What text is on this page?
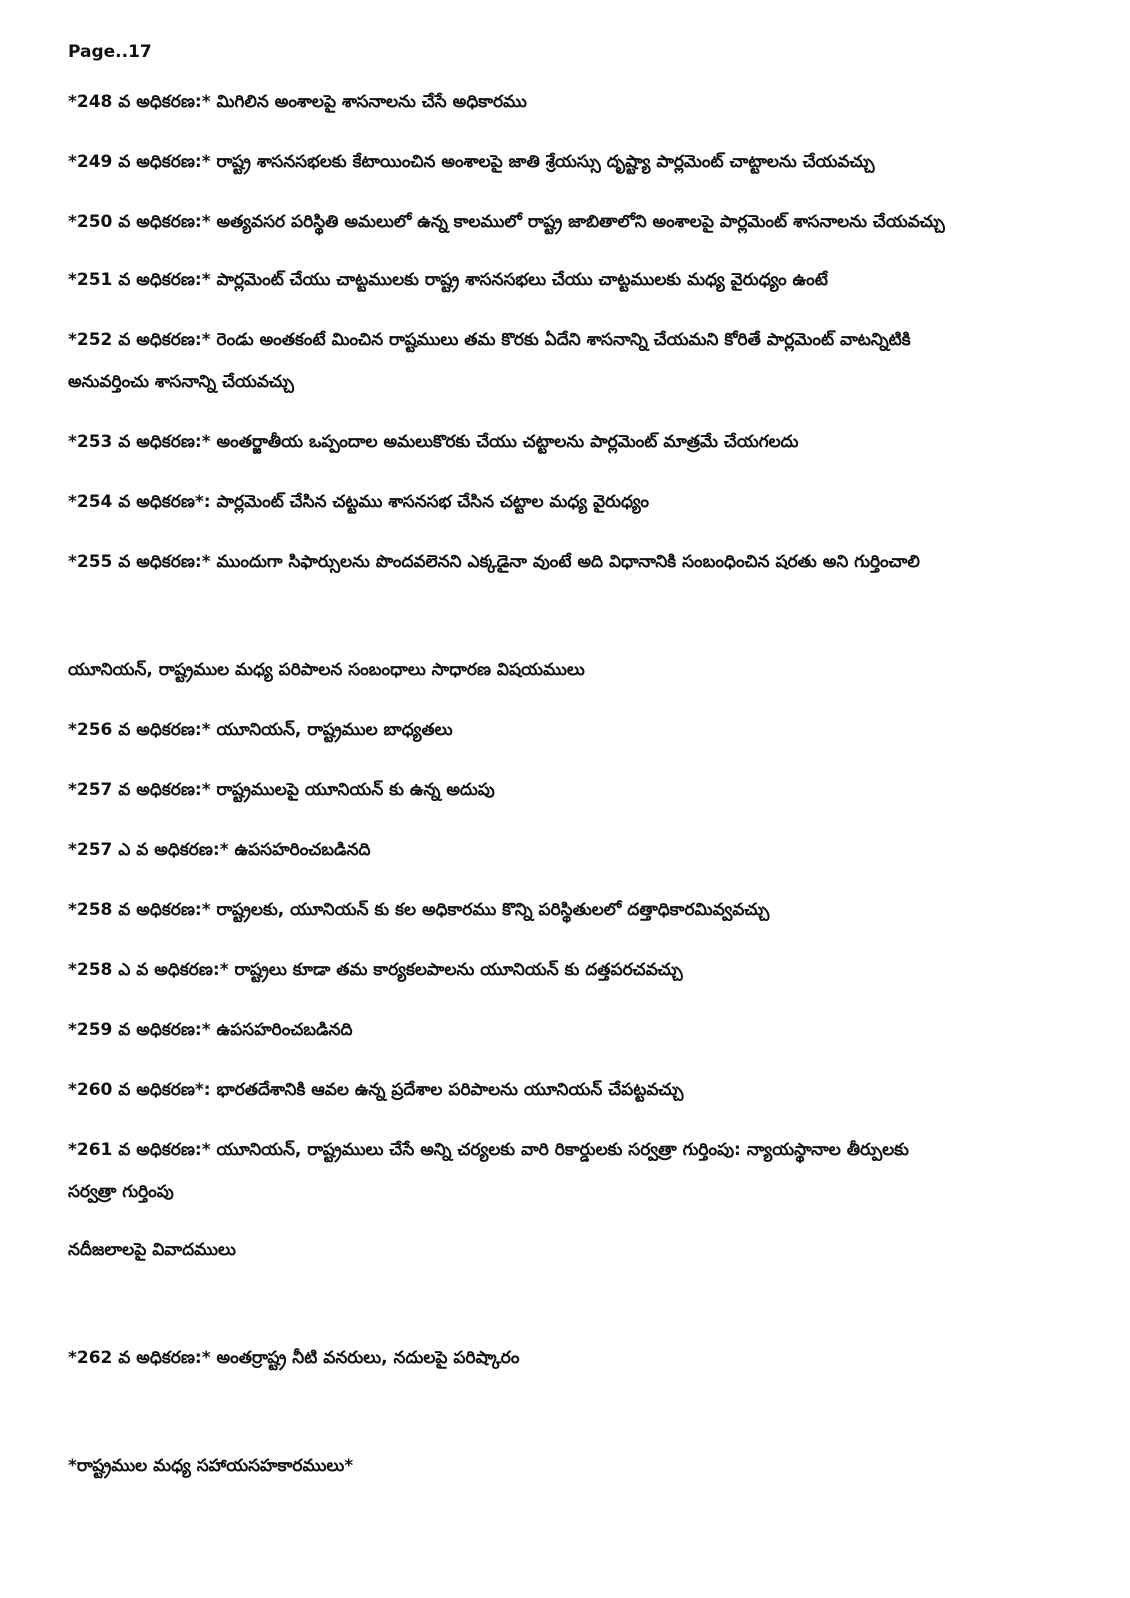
Page..17
*248 వ అధికరణ:* మిగిలిన అంశాలపై శాసనాలను చేసే అధికారము
*249 వ అధికరణ:* రాష్ట్ర శాసనసభలకు కేటాయించిన అంశాలపై జాతి శ్రేయస్సు దృష్ట్యా పార్లమెంట్ చాట్టాలను చేయవచ్చు
*250 వ అధికరణ:* అత్యవసర పరిస్థితి అమలులో ఉన్న కాలములో రాష్ట్ర జాబితాలోని అంశాలపై పార్లమెంట్ శాసనాలను చేయవచ్చు
*251 వ అధికరణ:* పార్లమెంట్ చేయు చాట్టములకు రాష్ట్ర శాసనసభలు చేయు చాట్టములకు మధ్య వైరుధ్యం ఉంటే
*252 వ అధికరణ:* రెండు అంతకంటే మించిన రాష్టములు తమ కొరకు ఏదేని శాసనాన్ని చేయమని కోరితే పార్లమెంట్ వాటన్నిటికి
అనువర్తించు శాసనాన్ని చేయవచ్చు
*253 వ అధికరణ:* అంతర్జాతీయ ఒప్పందాల అమలుకొరకు చేయు చట్టాలను పార్లమెంట్ మాత్రమే చేయగలదు
*254 వ అధికరణ*: పార్లమెంట్ చేసిన చట్టము శాసనసభ చేసిన చట్టాల మధ్య వైరుధ్యం
*255 వ అధికరణ:* ముందుగా సిఫార్సులను పొందవలెనని ఎక్కడైనా వుంటే అది విధానానికి సంబంధించిన షరతు అని గుర్తించాలి
యూనియన్, రాష్ట్రముల మధ్య పరిపాలన సంబంధాలు సాధారణ విషయములు
*256 వ అధికరణ:* యూనియన్, రాష్ట్రముల బాధ్యతలు
*257 వ అధికరణ:* రాష్ట్రములపై యూనియన్ కు ఉన్న అదుపు
*257 ఎ వ అధికరణ:* ఉపసహరించబడినది
*258 వ అధికరణ:* రాష్ట్రలకు, యూనియన్ కు కల అధికారము కొన్ని పరిస్థితులలో దత్తాధికారమివ్వవచ్చు
*258 ఎ వ అధికరణ:* రాష్ట్రలు కూడా తమ కార్యకలపాలను యూనియన్ కు దత్తపరచవచ్చు
*259 వ అధికరణ:* ఉపసహరించబడినది
*260 వ అధికరణ*: భారతదేశానికి ఆవల ఉన్న ప్రదేశాల పరిపాలను యూనియన్ చేపట్టవచ్చు
*261 వ అధికరణ:* యూనియన్, రాష్ట్రములు చేసే అన్ని చర్యలకు వారి రికార్డులకు సర్వత్రా గుర్తింపు: న్యాయస్థానాల తీర్పులకు
సర్వత్రా గుర్తింపు
నదీజలాలపై వివాదములు
*262 వ అధికరణ:* అంతర్రాష్ట్ర నీటి వనరులు, నదులపై పరిష్కారం
*రాష్ట్రముల మధ్య సహాయసహకారములు*
